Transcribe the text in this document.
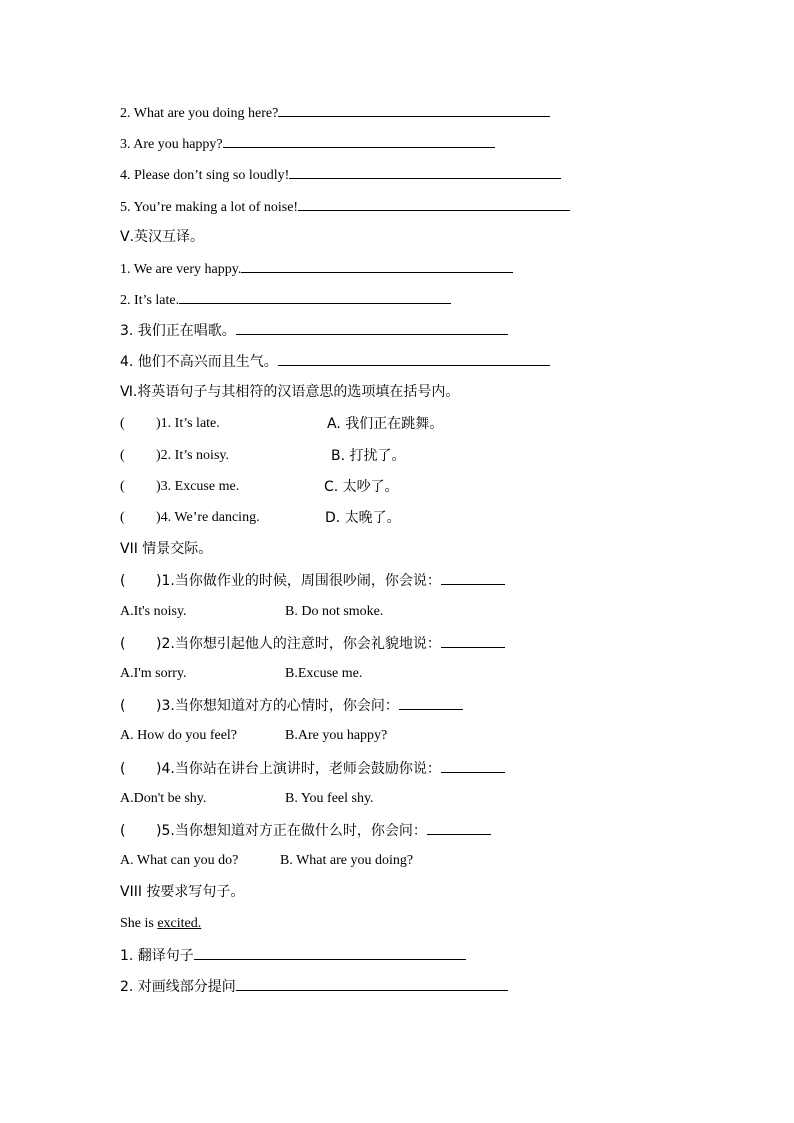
2. What are you doing here?
3. Are you happy?
4. Please don’t sing so loudly!
5. You’re making a lot of noise!
Ⅴ.英汉互译。
1. We are very happy.
2. It’s late.
3. 我们正在唱歌。
4. 他们不高兴而且生气。
Ⅵ.将英语句子与其相符的汉语意思的选项填在括号内。
( )1. It’s late.	A. 我们正在跳舞。
( )2. It’s noisy.	B. 打扰了。
( )3. Excuse me.	C. 太吵了。
( )4. We’re dancing.	D. 太晚了。
VII 情景交际。
( )1.当你做作业的时候，周围很吵闹，你会说：
A.It's noisy.	B. Do not smoke.
( )2.当你想引起他人的注意时，你会礼貌地说：
A.I'm sorry.	B.Excuse me.
( )3.当你想知道对方的心情时，你会问：
A. How do you feel?	B.Are you happy?
( )4.当你站在讲台上演讲时，老师会鼓励你说：
A.Don't be shy.	B. You feel shy.
( )5.当你想知道对方正在做什么时，你会问：
A. What can you do?	B. What are you doing?
VIII 按要求写句子。
She is excited.
1. 翻译句子
2. 对画线部分提问
